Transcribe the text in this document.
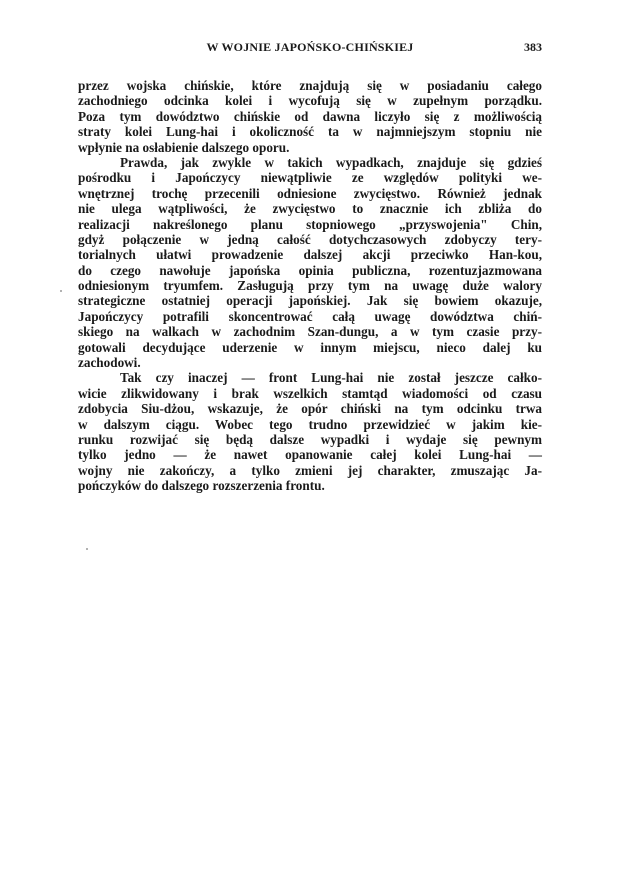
W WOJNIE JAPOŃSKO-CHIŃSKIEJ	383
przez wojska chińskie, które znajdują się w posiadaniu całego
zachodniego odcinka kolei i wycofują się w zupełnym porządku.
Poza tym dowództwo chińskie od dawna liczyło się z możliwością
straty kolei Lung-hai i okoliczność ta w najmniejszym stopniu nie
wpłynie na osłabienie dalszego oporu.
Prawda, jak zwykle w takich wypadkach, znajduje się gdzieś
pośrodku i Japończycy niewątpliwie ze względów polityki we-
wnętrznej trochę przecenili odniesione zwycięstwo. Również jednak
nie ulega wątpliwości, że zwycięstwo to znacznie ich zbliża do
realizacji nakreślonego planu stopniowego „przyswojenia" Chin,
gdyż połączenie w jedną całość dotychczasowych zdobyczy tery-
torialnych ułatwi prowadzenie dalszej akcji przeciwko Han-kou,
do czego nawołuje japońska opinia publiczna, rozentuzjazmowana
odniesionym tryumfem. Zasługują przy tym na uwagę duże walory
strategiczne ostatniej operacji japońskiej. Jak się bowiem okazuje,
Japończycy potrafili skoncentrować całą uwagę dowództwa chiń-
skiego na walkach w zachodnim Szan-dungu, a w tym czasie przy-
gotowali decydujące uderzenie w innym miejscu, nieco dalej ku
zachodowi.
Tak czy inaczej — front Lung-hai nie został jeszcze całko-
wicie zlikwidowany i brak wszelkich stamtąd wiadomości od czasu
zdobycia Siu-dżou, wskazuje, że opór chiński na tym odcinku trwa
w dalszym ciągu. Wobec tego trudno przewidzieć w jakim kie-
runku rozwijać się będą dalsze wypadki i wydaje się pewnym
tylko jedno — że nawet opanowanie całej kolei Lung-hai —
wojny nie zakończy, a tylko zmieni jej charakter, zmuszając Ja-
pończyków do dalszego rozszerzenia frontu.
